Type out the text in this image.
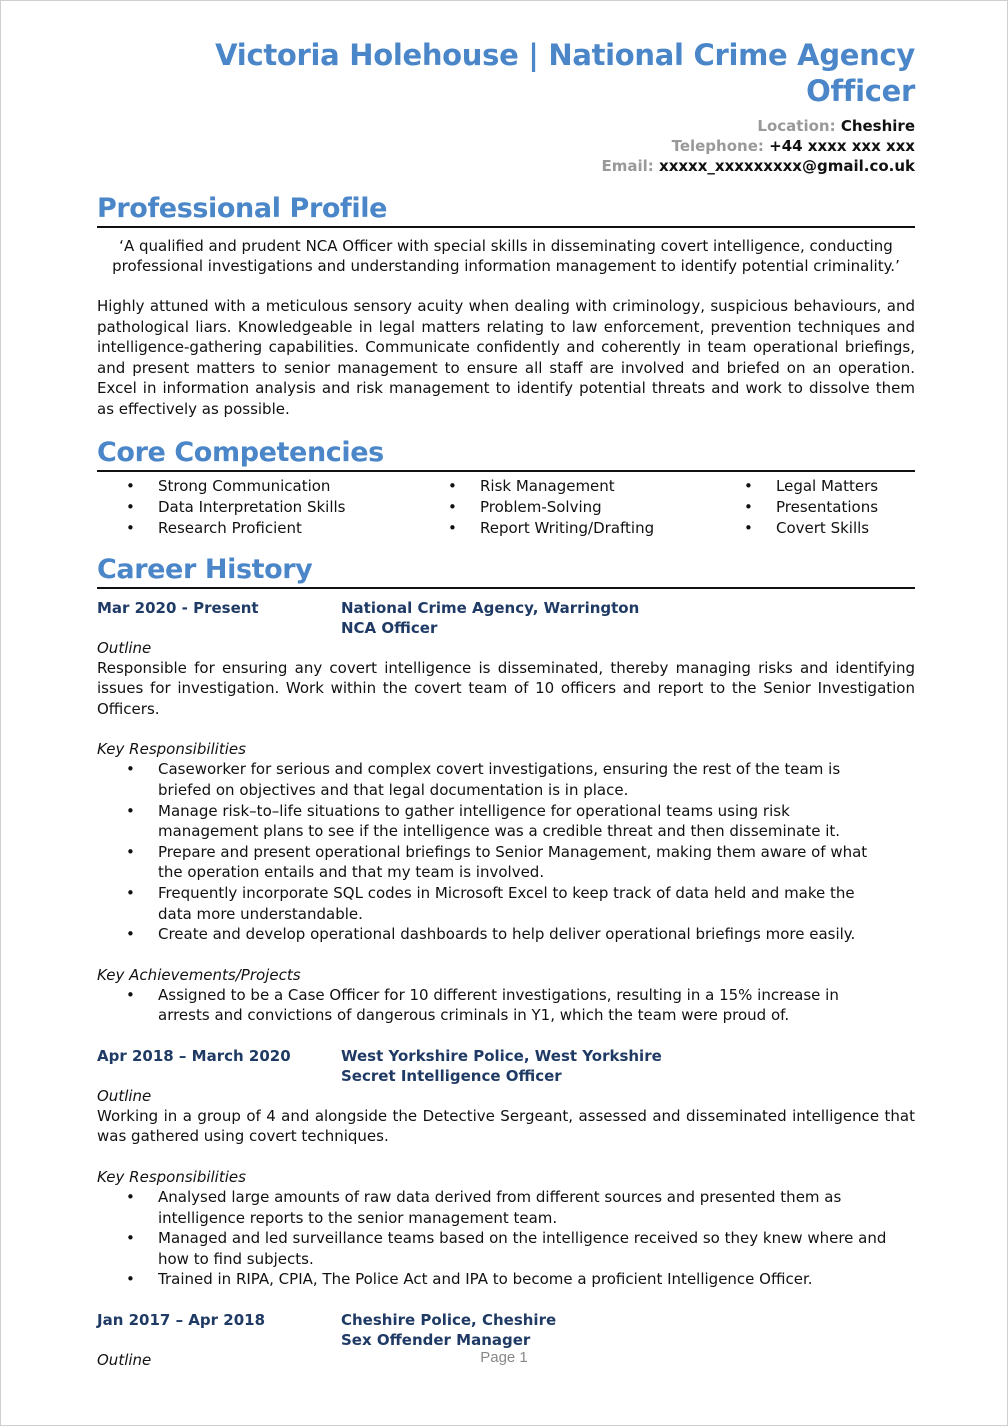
Victoria Holehouse | National Crime Agency Officer
Location: Cheshire
Telephone: +44 xxxx xxx xxx
Email: xxxxx_xxxxxxxxx@gmail.co.uk
Professional Profile
‘A qualified and prudent NCA Officer with special skills in disseminating covert intelligence, conducting professional investigations and understanding information management to identify potential criminality.’
Highly attuned with a meticulous sensory acuity when dealing with criminology, suspicious behaviours, and pathological liars. Knowledgeable in legal matters relating to law enforcement, prevention techniques and intelligence-gathering capabilities. Communicate confidently and coherently in team operational briefings, and present matters to senior management to ensure all staff are involved and briefed on an operation. Excel in information analysis and risk management to identify potential threats and work to dissolve them as effectively as possible.
Core Competencies
• Strong Communication
• Data Interpretation Skills
• Research Proficient
• Risk Management
• Problem-Solving
• Report Writing/Drafting
• Legal Matters
• Presentations
• Covert Skills
Career History
Mar 2020 - Present	National Crime Agency, Warrington
NCA Officer
Outline
Responsible for ensuring any covert intelligence is disseminated, thereby managing risks and identifying issues for investigation. Work within the covert team of 10 officers and report to the Senior Investigation Officers.
Key Responsibilities
• Caseworker for serious and complex covert investigations, ensuring the rest of the team is briefed on objectives and that legal documentation is in place.
• Manage risk–to–life situations to gather intelligence for operational teams using risk management plans to see if the intelligence was a credible threat and then disseminate it.
• Prepare and present operational briefings to Senior Management, making them aware of what the operation entails and that my team is involved.
• Frequently incorporate SQL codes in Microsoft Excel to keep track of data held and make the data more understandable.
• Create and develop operational dashboards to help deliver operational briefings more easily.
Key Achievements/Projects
• Assigned to be a Case Officer for 10 different investigations, resulting in a 15% increase in arrests and convictions of dangerous criminals in Y1, which the team were proud of.
Apr 2018 – March 2020	West Yorkshire Police, West Yorkshire
Secret Intelligence Officer
Outline
Working in a group of 4 and alongside the Detective Sergeant, assessed and disseminated intelligence that was gathered using covert techniques.
Key Responsibilities
• Analysed large amounts of raw data derived from different sources and presented them as intelligence reports to the senior management team.
• Managed and led surveillance teams based on the intelligence received so they knew where and how to find subjects.
• Trained in RIPA, CPIA, The Police Act and IPA to become a proficient Intelligence Officer.
Jan 2017 – Apr 2018	Cheshire Police, Cheshire
Sex Offender Manager
Outline	Page 1
